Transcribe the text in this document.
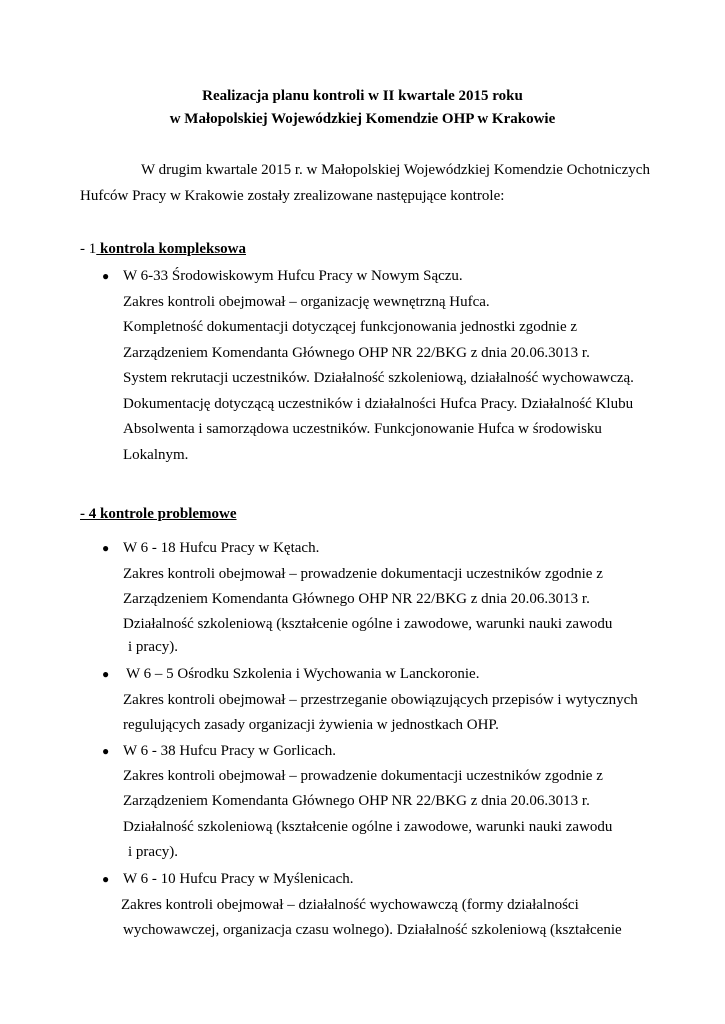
Realizacja planu kontroli w II kwartale 2015 roku
w Małopolskiej Wojewódzkiej Komendzie OHP w Krakowie
W drugim kwartale 2015 r. w Małopolskiej Wojewódzkiej Komendzie Ochotniczych
Hufców Pracy w Krakowie zostały zrealizowane następujące kontrole:
- 1 kontrola kompleksowa
● W 6-33 Środowiskowym Hufcu Pracy w Nowym Sączu.
Zakres kontroli obejmował – organizację wewnętrzną Hufca.
Kompletność dokumentacji dotyczącej funkcjonowania jednostki zgodnie z
Zarządzeniem Komendanta Głównego OHP NR 22/BKG z dnia 20.06.3013 r.
System rekrutacji uczestników. Działalność szkoleniową, działalność wychowawczą.
Dokumentację dotyczącą uczestników i działalności Hufca Pracy. Działalność Klubu
Absolwenta i samorządowa uczestników. Funkcjonowanie Hufca w środowisku
Lokalnym.
- 4 kontrole problemowe
● W 6 - 18 Hufcu Pracy w Kętach.
Zakres kontroli obejmował – prowadzenie dokumentacji uczestników zgodnie z
Zarządzeniem Komendanta Głównego OHP NR 22/BKG z dnia 20.06.3013 r.
Działalność szkoleniową (kształcenie ogólne i zawodowe, warunki nauki zawodu
i pracy).
● W 6 – 5 Ośrodku Szkolenia i Wychowania w Lanckoronie.
Zakres kontroli obejmował – przestrzeganie obowiązujących przepisów i wytycznych
regulujących zasady organizacji żywienia w jednostkach OHP.
● W 6 - 38 Hufcu Pracy w Gorlicach.
Zakres kontroli obejmował – prowadzenie dokumentacji uczestników zgodnie z
Zarządzeniem Komendanta Głównego OHP NR 22/BKG z dnia 20.06.3013 r.
Działalność szkoleniową (kształcenie ogólne i zawodowe, warunki nauki zawodu
i pracy).
● W 6 - 10 Hufcu Pracy w Myślenicach.
Zakres kontroli obejmował – działalność wychowawczą (formy działalności
wychowawczej, organizacja czasu wolnego). Działalność szkoleniową (kształcenie
